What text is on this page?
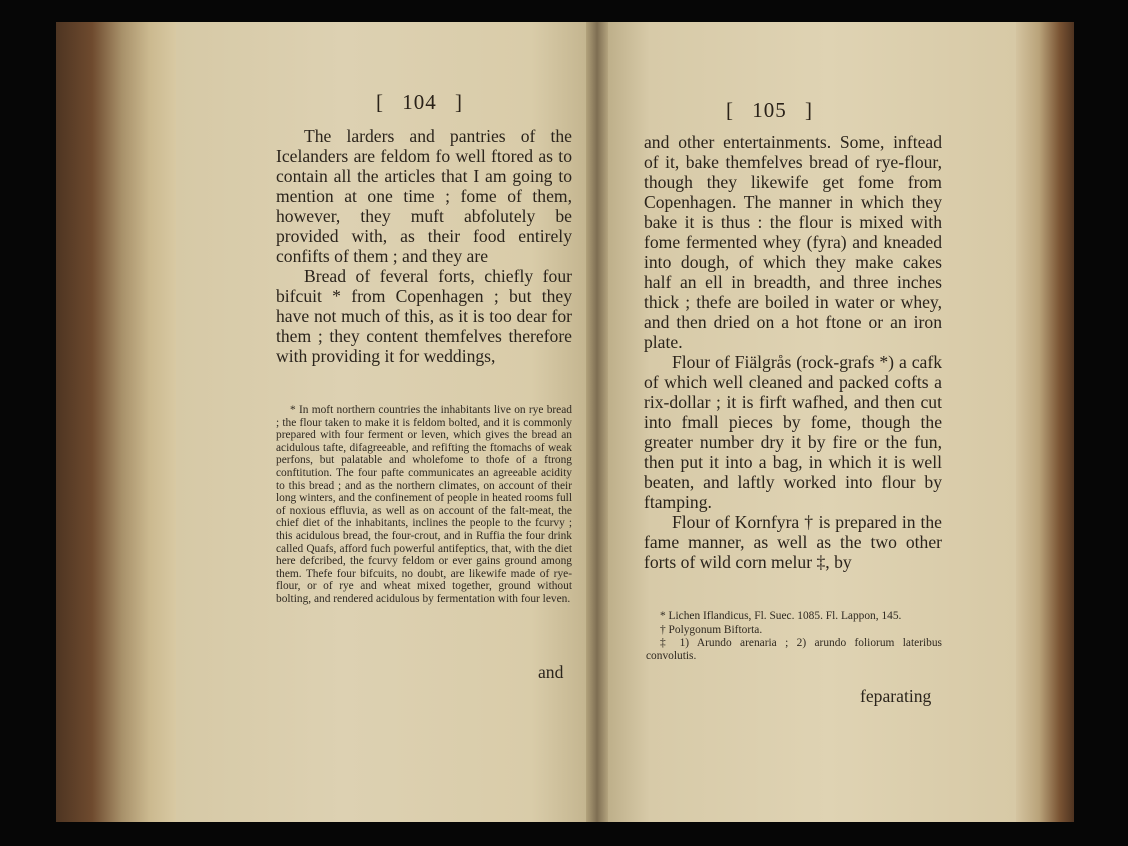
[ 104 ]

The larders and pantries of the Icelanders are feldom fo well ftored as to contain all the articles that I am going to mention at one time ; fome of them, however, they muft abfolutely be provided with, as their food entirely confifts of them ; and they are

Bread of feveral forts, chiefly four bifcuit * from Copenhagen ; but they have not much of this, as it is too dear for them ; they content themfelves therefore with providing it for weddings,

* In moft northern countries the inhabitants live on rye bread ; the flour taken to make it is feldom bolted, and it is commonly prepared with four ferment or leven, which gives the bread an acidulous tafte, difagreeable, and refifting the ftomachs of weak perfons, but palatable and wholefome to thofe of a ftrong conftitution. The four pafte communicates an agreeable acidity to this bread ; and as the northern climates, on account of their long winters, and the confinement of people in heated rooms full of noxious effluvia, as well as on account of the falt-meat, the chief diet of the inhabitants, inclines the people to the fcurvy ; this acidulous bread, the four-crout, and in Ruffia the four drink called Quafs, afford fuch powerful antifeptics, that, with the diet here defcribed, the fcurvy feldom or ever gains ground among them. Thefe four bifcuits, no doubt, are likewife made of rye-flour, or of rye and wheat mixed together, ground without bolting, and rendered acidulous by fermentation with four leven.

and
[ 105 ]

and other entertainments. Some, inftead of it, bake themfelves bread of rye-flour, though they likewife get fome from Copenhagen. The manner in which they bake it is thus : the flour is mixed with fome fermented whey (fyra) and kneaded into dough, of which they make cakes half an ell in breadth, and three inches thick ; thefe are boiled in water or whey, and then dried on a hot ftone or an iron plate.

Flour of Fiälgrås (rock-grafs *) a cafk of which well cleaned and packed cofts a rix-dollar ; it is firft wafhed, and then cut into fmall pieces by fome, though the greater number dry it by fire or the fun, then put it into a bag, in which it is well beaten, and laftly worked into flour by ftamping.

Flour of Kornfyra † is prepared in the fame manner, as well as the two other forts of wild corn melur ‡, by

* Lichen Iflandicus, Fl. Suec. 1085. Fl. Lappon, 145.

† Polygonum Biftorta.

‡ 1) Arundo arenaria ; 2) arundo foliorum lateribus convolutis.

feparating
